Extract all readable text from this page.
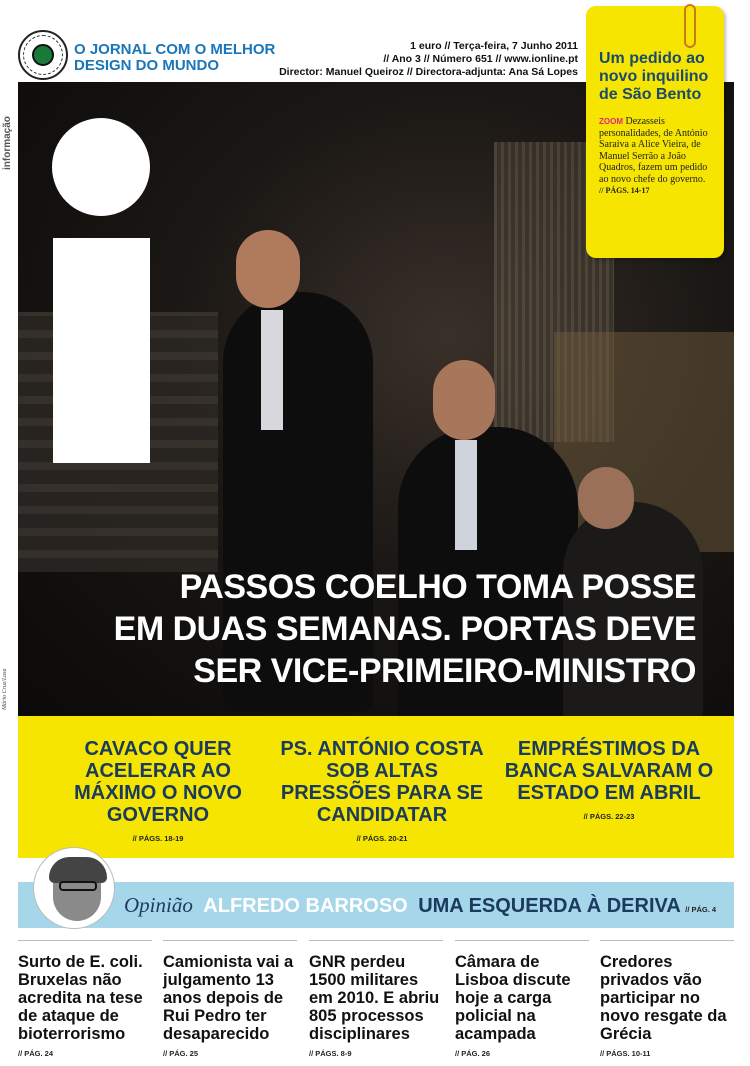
informação
O JORNAL COM O MELHOR DESIGN DO MUNDO
1 euro // Terça-feira, 7 Junho 2011
// Ano 3 // Número 651 // www.ionline.pt
Director: Manuel Queiroz // Directora-adjunta: Ana Sá Lopes
PASSOS COELHO TOMA POSSE
EM DUAS SEMANAS. PORTAS DEVE
SER VICE-PRIMEIRO-MINISTRO
Mário Cruz/Lusa
Um pedido ao novo inquilino de São Bento
ZOOM Dezasseis personalidades, de António Saraiva a Alice Vieira, de Manuel Serrão a João Quadros, fazem um pedido ao novo chefe do governo.
// PÁGS. 14-17
CAVACO QUER ACELERAR AO MÁXIMO O NOVO GOVERNO
// PÁGS. 18-19
PS. ANTÓNIO COSTA SOB ALTAS PRESSÕES PARA SE CANDIDATAR
// PÁGS. 20-21
EMPRÉSTIMOS DA BANCA SALVARAM O ESTADO EM ABRIL
// PÁGS. 22-23
Opinião ALFREDO BARROSO UMA ESQUERDA À DERIVA // PÁG. 4
Surto de E. coli. Bruxelas não acredita na tese de ataque de bioterrorismo
// PÁG. 24
Camionista vai a julgamento 13 anos depois de Rui Pedro ter desaparecido
// PÁG. 25
GNR perdeu 1500 militares em 2010. E abriu 805 processos disciplinares
// PÁGS. 8-9
Câmara de Lisboa discute hoje a carga policial na acampada
// PÁG. 26
Credores privados vão participar no novo resgate da Grécia
// PÁGS. 10-11
